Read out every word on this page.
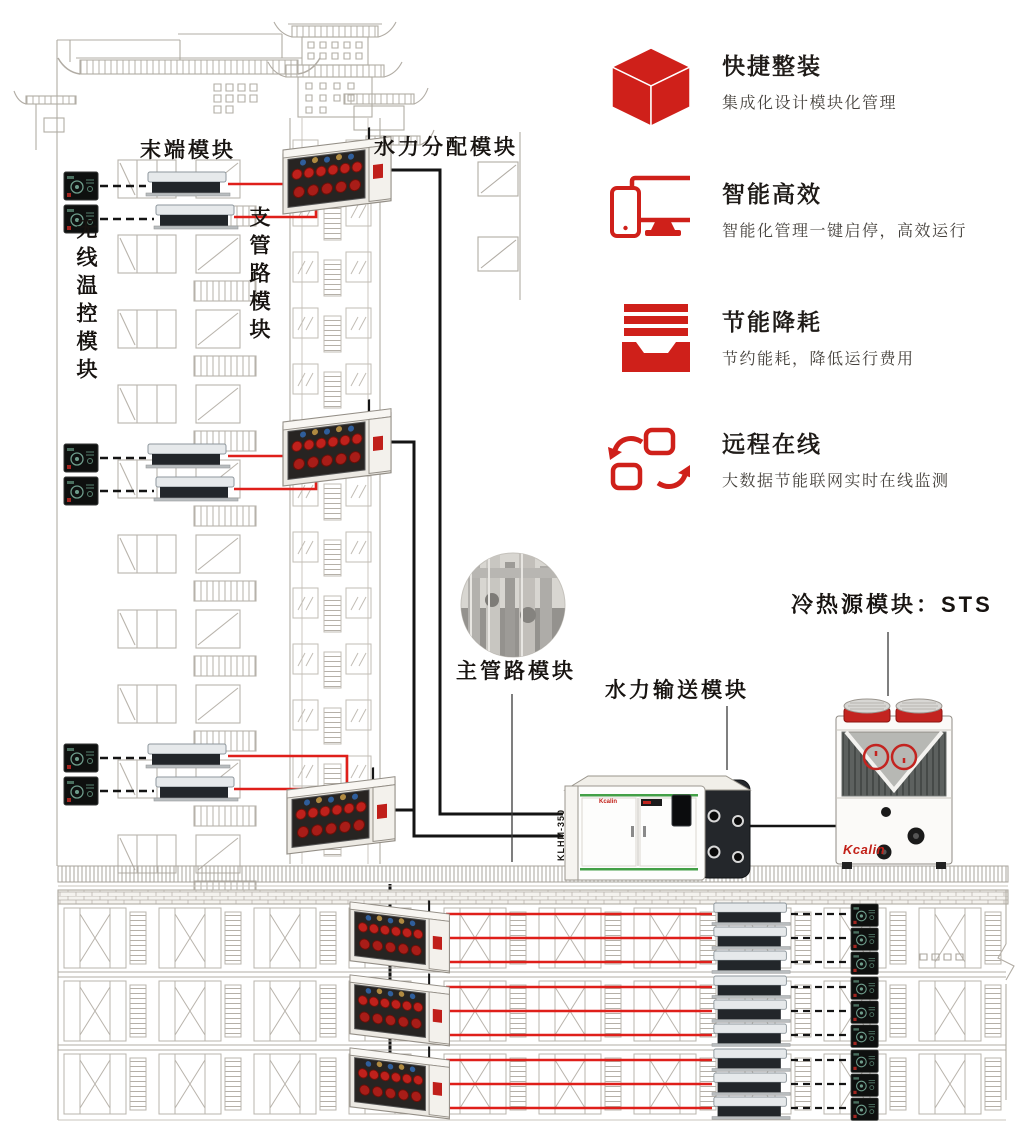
末端模块	水力分配模块
支管路模块
无线温控模块
主管路模块
水力输送模块
冷热源模块：STS
KLHM-350
Kcalin
Kcalin
快捷整装
集成化设计模块化管理
智能高效
智能化管理一键启停，高效运行
节能降耗
节约能耗，降低运行费用
远程在线
大数据节能联网实时在线监测
